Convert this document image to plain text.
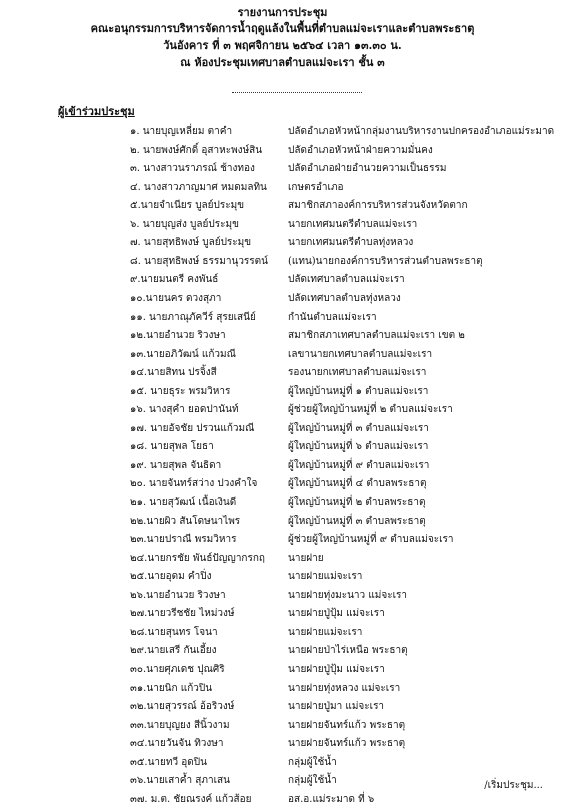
รายงานการประชุม
คณะอนุกรรมการบริหารจัดการน้ำฤดูแล้งในพื้นที่ตำบลแม่จะเราและตำบลพระธาตุ
วันอังคาร ที่ ๓ พฤศจิกายน ๒๕๖๔ เวลา ๑๓.๓๐ น.
ณ ห้องประชุมเทศบาลตำบลแม่จะเรา ชั้น ๓
ผู้เข้าร่วมประชุม
๑. นายบุญเหลี่ยม ตาคำ	ปลัดอำเภอหัวหน้ากลุ่มงานบริหารงานปกครองอำเภอแม่ระมาด
๒. นายพงษ์ศักดิ์ อุสาหะพงษ์สิน	ปลัดอำเภอหัวหน้าฝ่ายความมั่นคง
๓. นางสาวนราภรณ์ ช้างทอง	ปลัดอำเภอฝ่ายอำนวยความเป็นธรรม
๔. นางสาวภาญมาศ หมดมลทิน เกษตรอำเภอ
๕.นายจำเนียร บูลย์ประมุข	สมาชิกสภาองค์การบริหารส่วนจังหวัดตาก
๖. นายบุญส่ง บูลย์ประมุข	นายกเทศมนตรีตำบลแม่จะเรา
๗. นายสุทธิพงษ์ บูลย์ประมุข	นายกเทศมนตรีตำบลทุ่งหลวง
๘. นายสุทธิพงษ์ ธรรมานุวรรตน์ (แทน)นายกองค์การบริหารส่วนตำบลพระธาตุ
๙.นายมนตรี คงพันธ์	ปลัดเทศบาลตำบลแม่จะเรา
๑๐.นายนคร ดวงสุภา	ปลัดเทศบาลตำบลทุ่งหลวง
๑๑. นายภาณุภัควีร์ สุรยเสนีย์	กำนันตำบลแม่จะเรา
๑๒.นายอำนวย ริวงษา	สมาชิกสภาเทศบาลตำบลแม่จะเรา เขต ๒
๑๓.นายอภิวัฒน์ แก้วมณี	เลขานายกเทศบาลตำบลแม่จะเรา
๑๔.นายสิทน ปรจิ้งสี	รองนายกเทศบาลตำบลแม่จะเรา
๑๕. นายธุระ พรมวิหาร	ผู้ใหญ่บ้านหมู่ที่ ๑ ตำบลแม่จะเรา
๑๖. นางสุคำ ยอดปานันท์	ผู้ช่วยผู้ใหญ่บ้านหมู่ที่ ๒ ตำบลแม่จะเรา
๑๗. นายอัจชัย ปรวนแก้วมณี	ผู้ใหญ่บ้านหมู่ที่ ๓ ตำบลแม่จะเรา
๑๘. นายสุพล โยธา	ผู้ใหญ่บ้านหมู่ที่ ๖ ตำบลแม่จะเรา
๑๙. นายสุพล จันธิดา	ผู้ใหญ่บ้านหมู่ที่ ๙ ตำบลแม่จะเรา
๒๐. นายจันทร์สว่าง ปวงคำใจ	ผู้ใหญ่บ้านหมู่ที่ ๔ ตำบลพระธาตุ
๒๑. นายสุวัฒน์ เนื้อเงินดี	ผู้ใหญ่บ้านหมู่ที่ ๒ ตำบลพระธาตุ
๒๒.นายผิว สันโดษนาไพร	ผู้ใหญ่บ้านหมู่ที่ ๓ ตำบลพระธาตุ
๒๓.นายปราณี พรมวิหาร	ผู้ช่วยผู้ใหญ่บ้านหมู่ที่ ๙ ตำบลแม่จะเรา
๒๔.นายกรชัย พันธ์ปัญญากรกฤ นายฝาย
๒๕.นายอุดม คำปิ่ง	นายฝายแม่จะเรา
๒๖.นายอำนวย ริวงษา	นายฝายทุ่งมะนาว แม่จะเรา
๒๗.นายวรีชชัย ไหม่วงษ์	นายฝายปู่ปุ้ม แม่จะเรา
๒๘.นายสุนทร โจนา	นายฝายแม่จะเรา
๒๙.นายเสรี กันเอี้ยง	นายฝายป่าไร่เหนือ พระธาตุ
๓๐.นายศุภเดช ปุณศิริ	นายฝายปู่ปุ้ม แม่จะเรา
๓๑.นายนิก แก้วปิน	นายฝายทุ่งหลวง แม่จะเรา
๓๒.นายสุวรรณ์ อ้อริวงษ์	นายฝายปู่มา แม่จะเรา
๓๓.นายบุญยง สีนิ้วงาม	นายฝายจันทร์แก้ว พระธาตุ
๓๔.นายวันจัน ทิวงษา	นายฝายจันทร์แก้ว พระธาตุ
๓๕.นายทวี อุดปิน	กลุ่มผู้ใช้น้ำ
๓๖.นายเสาค้ำ สุภาเสน	กลุ่มผู้ใช้น้ำ
๓๗. ม.ต. ชัยณรงค์ แก้วส้อย	อส.อ.แม่ระมาด ที่ ๖
/เริ่มประชุม...
